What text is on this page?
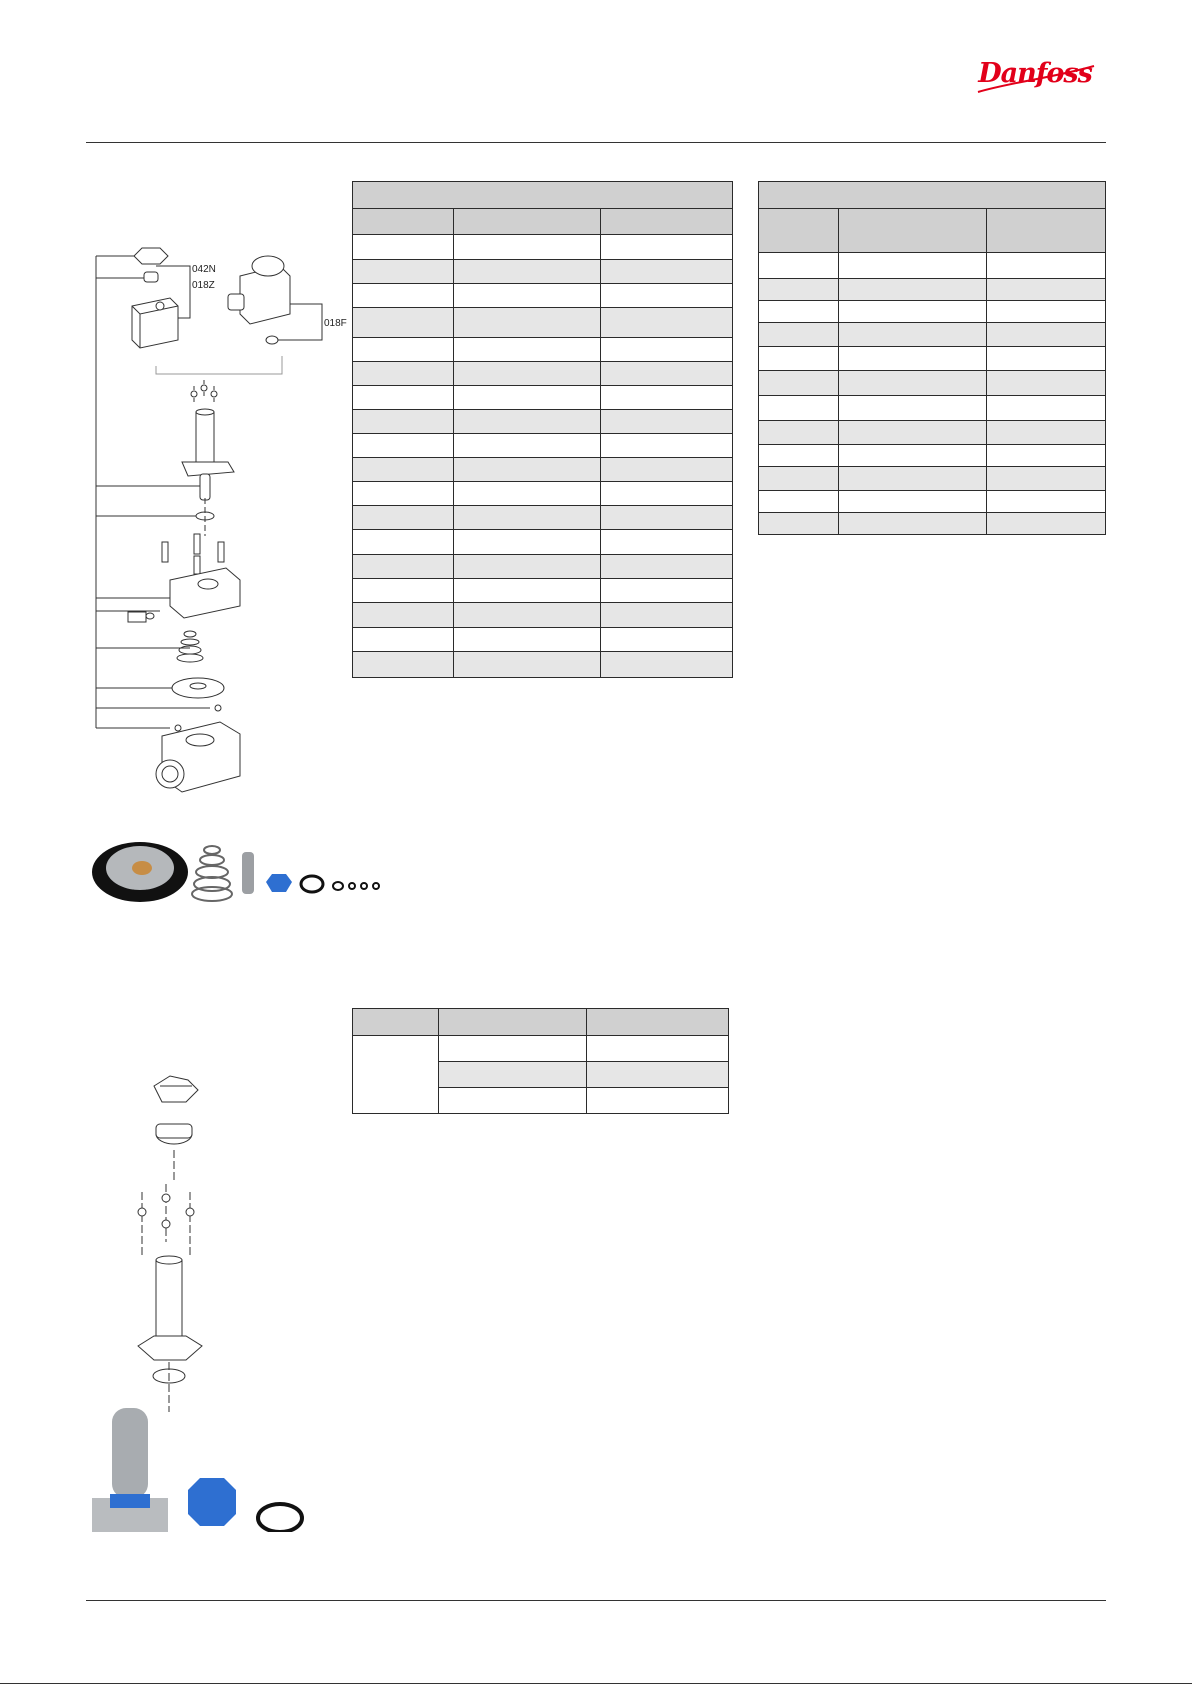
Danfoss
042N
018Z
018F
